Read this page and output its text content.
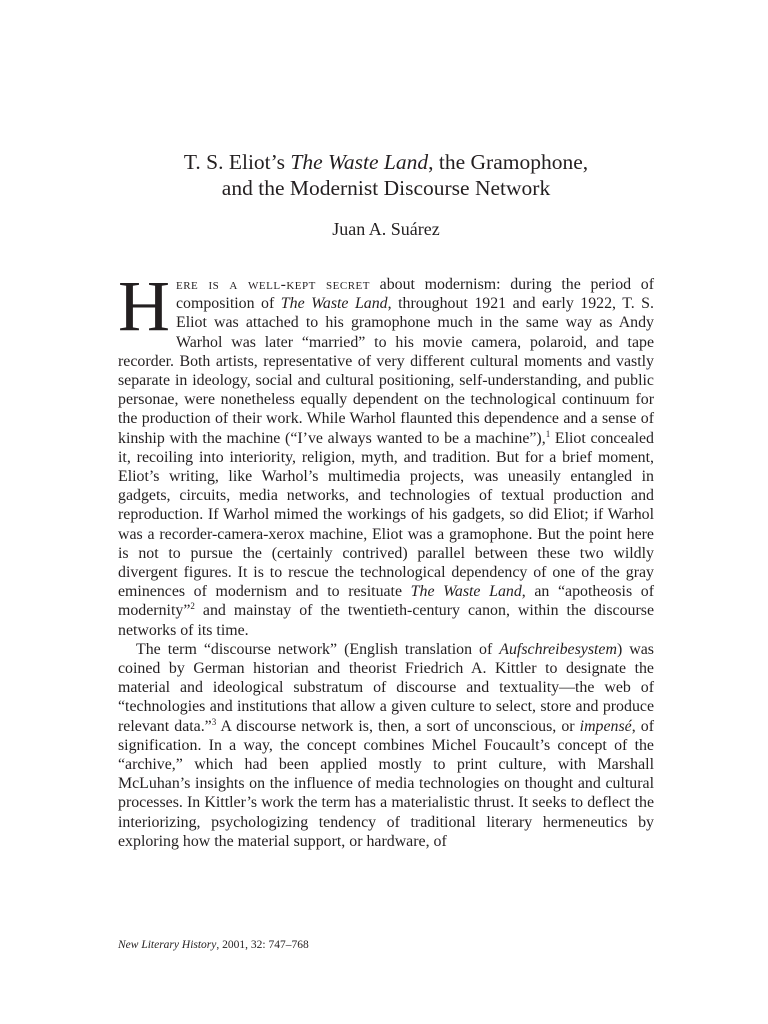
T. S. Eliot’s The Waste Land, the Gramophone,
and the Modernist Discourse Network
Juan A. Suárez

Here is a well-kept secret about modernism: during the period of composition of The Waste Land, throughout 1921 and early 1922, T. S. Eliot was attached to his gramophone much in the same way as Andy Warhol was later “married” to his movie camera, polaroid, and tape recorder. Both artists, representative of very different cultural moments and vastly separate in ideology, social and cultural positioning, self-understanding, and public personae, were nonetheless equally dependent on the technological continuum for the production of their work. While Warhol flaunted this dependence and a sense of kinship with the machine (“I’ve always wanted to be a machine”),$^1$ Eliot concealed it, recoiling into interiority, religion, myth, and tradition. But for a brief moment, Eliot’s writing, like Warhol’s multimedia projects, was uneasily entangled in gadgets, circuits, media networks, and technologies of textual production and reproduction. If Warhol mimed the workings of his gadgets, so did Eliot; if Warhol was a recorder-camera-xerox machine, Eliot was a gramophone. But the point here is not to pursue the (certainly contrived) parallel between these two wildly divergent figures. It is to rescue the technological dependency of one of the gray eminences of modernism and to resituate The Waste Land, an “apotheosis of modernity”$^2$ and mainstay of the twentieth-century canon, within the discourse networks of its time.

The term “discourse network” (English translation of Aufschreibesystem) was coined by German historian and theorist Friedrich A. Kittler to designate the material and ideological substratum of discourse and textuality—the web of “technologies and institutions that allow a given culture to select, store and produce relevant data.”$^3$ A discourse network is, then, a sort of unconscious, or impensé, of signification. In a way, the concept combines Michel Foucault’s concept of the “archive,” which had been applied mostly to print culture, with Marshall McLuhan’s insights on the influence of media technologies on thought and cultural processes. In Kittler’s work the term has a materialistic thrust. It seeks to deflect the interiorizing, psychologizing tendency of traditional literary hermeneutics by exploring how the material support, or hardware, of

New Literary History, 2001, 32: 747–768
